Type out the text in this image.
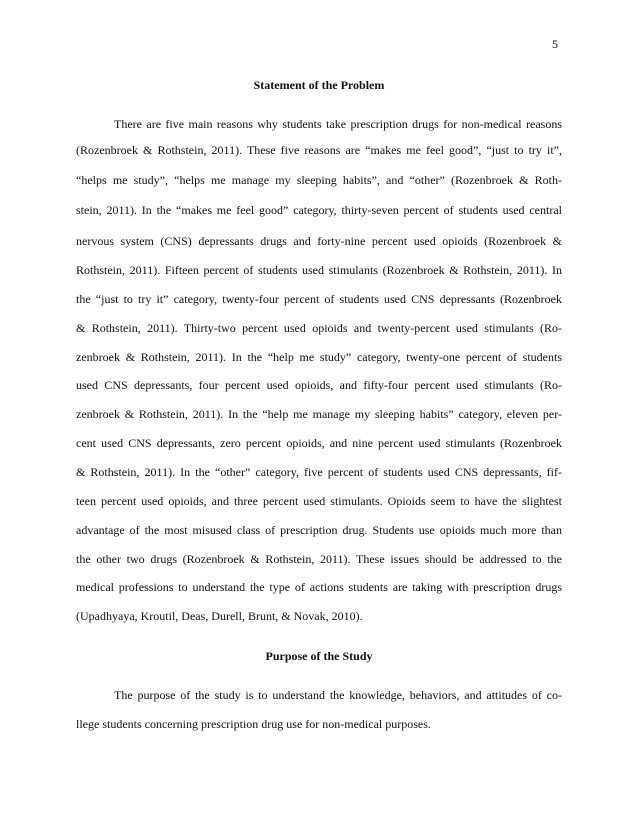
5
Statement of the Problem
There are five main reasons why students take prescription drugs for non-medical reasons
(Rozenbroek & Rothstein, 2011). These five reasons are “makes me feel good”, “just to try it”,
“helps me study”, “helps me manage my sleeping habits”, and “other” (Rozenbroek & Roth-
stein, 2011). In the “makes me feel good” category, thirty-seven percent of students used central
nervous system (CNS) depressants drugs and forty-nine percent used opioids (Rozenbroek &
Rothstein, 2011). Fifteen percent of students used stimulants (Rozenbroek & Rothstein, 2011). In
the “just to try it” category, twenty-four percent of students used CNS depressants (Rozenbroek
& Rothstein, 2011). Thirty-two percent used opioids and twenty-percent used stimulants (Ro-
zenbroek & Rothstein, 2011). In the “help me study” category, twenty-one percent of students
used CNS depressants, four percent used opioids, and fifty-four percent used stimulants (Ro-
zenbroek & Rothstein, 2011). In the “help me manage my sleeping habits” category, eleven per-
cent used CNS depressants, zero percent opioids, and nine percent used stimulants (Rozenbroek
& Rothstein, 2011). In the “other” category, five percent of students used CNS depressants, fif-
teen percent used opioids, and three percent used stimulants. Opioids seem to have the slightest
advantage of the most misused class of prescription drug. Students use opioids much more than
the other two drugs (Rozenbroek & Rothstein, 2011). These issues should be addressed to the
medical professions to understand the type of actions students are taking with prescription drugs
(Upadhyaya, Kroutil, Deas, Durell, Brunt, & Novak, 2010).
Purpose of the Study
The purpose of the study is to understand the knowledge, behaviors, and attitudes of co-
llege students concerning prescription drug use for non-medical purposes.
